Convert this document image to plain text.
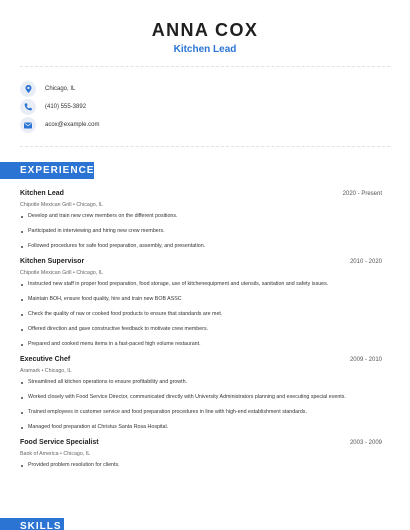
ANNA COX
Kitchen Lead
Chicago, IL
(410) 555-3892
acox@example.com
EXPERIENCE
Kitchen Lead	2020 - Present
Chipotle Mexican Grill • Chicago, IL
Develop and train new crew members on the different positions.
Participated in interviewing and hiring new crew members.
Followed procedures for safe food preparation, assembly, and presentation.
Kitchen Supervisor	2010 - 2020
Chipotle Mexican Grill • Chicago, IL
Instructed new staff in proper food preparation, food storage, use of kitchenequipment and utensils, sanitation and safety issues.
Maintain BOH, ensure food quality, hire and train new BOB ASSC
Check the quality of raw or cooked food products to ensure that standards are met.
Offered direction and gave constructive feedback to motivate crew members.
Prepared and cooked menu items in a fast-paced high volume restaurant.
Executive Chef	2009 - 2010
Aramark • Chicago, IL
Streamlined all kitchen operations to ensure profitability and growth.
Worked closely with Food Service Director, communicated directly with University Administrators planning and executing special events.
Trained employees in customer service and food preparation procedures in line with high-end establishment standards.
Managed food preparation at Christus Santa Rosa Hospital.
Food Service Specialist	2003 - 2009
Bank of America • Chicago, IL
Provided problem resolution for clients.
SKILLS
